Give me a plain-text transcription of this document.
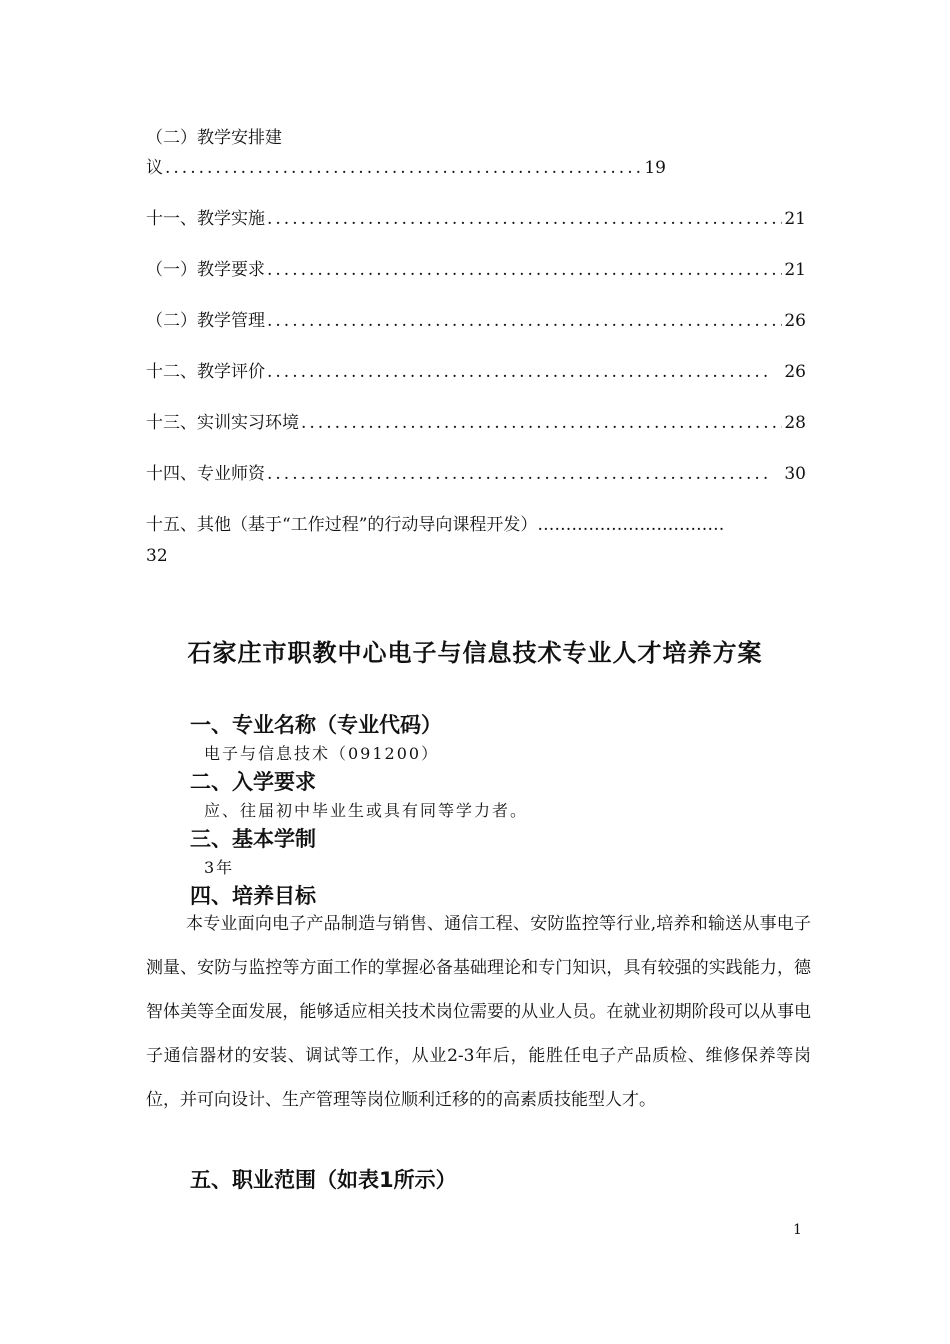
（二）教学安排建
议 .....	19
十一、教学实施 .....	21
（一）教学要求 .....	21
（二）教学管理 .....	26
十二、教学评价 .....	26
十三、实训实习环境 .....	28
十四、专业师资 .....	30
十五、其他（基于“工作过程”的行动导向课程开发）……………………………
32
石家庄市职教中心电子与信息技术专业人才培养方案
一、专业名称（专业代码）
电子与信息技术（091200）
二、入学要求
应、往届初中毕业生或具有同等学力者。
三、基本学制
3年
四、培养目标

本专业面向电子产品制造与销售、通信工程、安防监控等行业,培养和输送从事电子测量、安防与监控等方面工作的掌握必备基础理论和专门知识，具有较强的实践能力，德智体美等全面发展，能够适应相关技术岗位需要的从业人员。在就业初期阶段可以从事电子通信器材的安装、调试等工作，从业2-3年后，能胜任电子产品质检、维修保养等岗位，并可向设计、生产管理等岗位顺利迁移的的高素质技能型人才。

五、职业范围（如表1所示）
1
